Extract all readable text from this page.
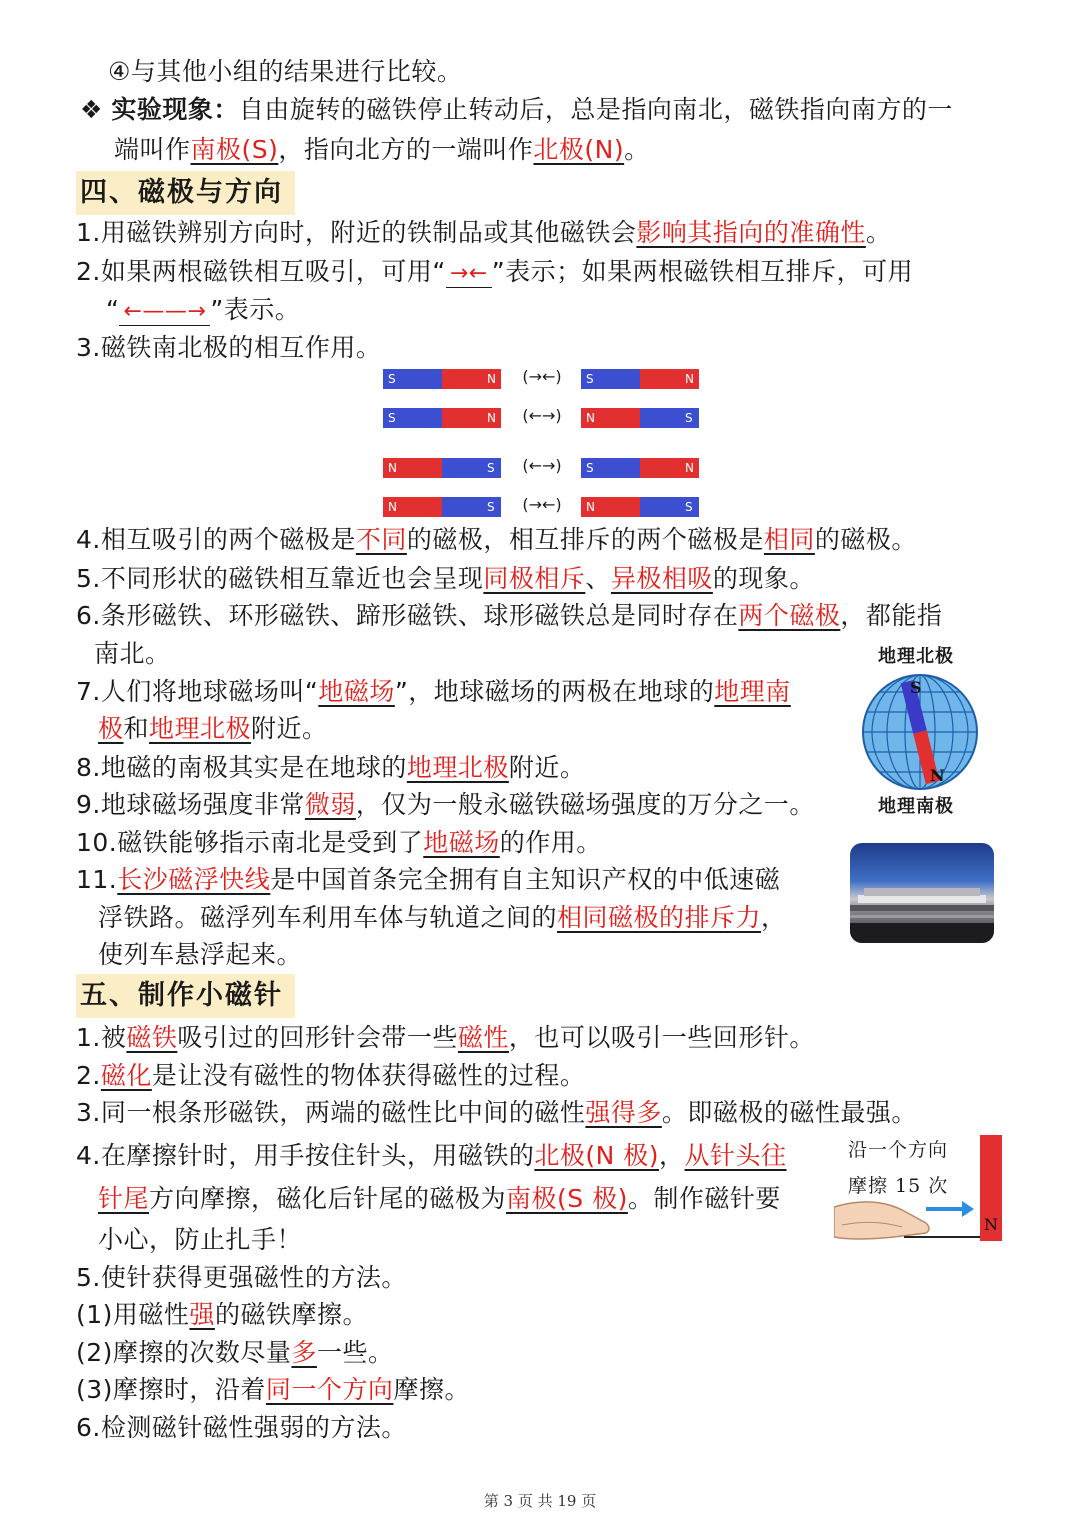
④与其他小组的结果进行比较。
❖ 实验现象：自由旋转的磁铁停止转动后，总是指向南北，磁铁指向南方的一
端叫作南极(S)，指向北方的一端叫作北极(N)。
四、磁极与方向
1.用磁铁辨别方向时，附近的铁制品或其他磁铁会影响其指向的准确性。
2.如果两根磁铁相互吸引，可用“ →← ”表示；如果两根磁铁相互排斥，可用
“ ←——→ ”表示。
3.磁铁南北极的相互作用。
S	N	(→←)	S	N
S	N	(←→)	N	S
N	S	(←→)	S	N
N	S	(→←)	N	S
4.相互吸引的两个磁极是不同的磁极，相互排斥的两个磁极是相同的磁极。
5.不同形状的磁铁相互靠近也会呈现同极相斥、异极相吸的现象。
6.条形磁铁、环形磁铁、蹄形磁铁、球形磁铁总是同时存在两个磁极，都能指
南北。	地理北极
S
N
地理南极
7.人们将地球磁场叫“地磁场”，地球磁场的两极在地球的地理南
极和地理北极附近。
8.地磁的南极其实是在地球的地理北极附近。
9.地球磁场强度非常微弱，仅为一般永磁铁磁场强度的万分之一。
10.磁铁能够指示南北是受到了地磁场的作用。
11.长沙磁浮快线是中国首条完全拥有自主知识产权的中低速磁
浮铁路。磁浮列车利用车体与轨道之间的相同磁极的排斥力，
使列车悬浮起来。
五、制作小磁针
1.被磁铁吸引过的回形针会带一些磁性，也可以吸引一些回形针。
2.磁化是让没有磁性的物体获得磁性的过程。
3.同一根条形磁铁，两端的磁性比中间的磁性强得多。即磁极的磁性最强。
4.在摩擦针时，用手按住针头，用磁铁的北极(N 极)，从针头往
针尾方向摩擦，磁化后针尾的磁极为南极(S 极)。制作磁针要
小心，防止扎手！
沿一个方向
摩擦 15 次
N
5.使针获得更强磁性的方法。
(1)用磁性强的磁铁摩擦。
(2)摩擦的次数尽量多一些。
(3)摩擦时，沿着同一个方向摩擦。
6.检测磁针磁性强弱的方法。
第 3 页 共 19 页
